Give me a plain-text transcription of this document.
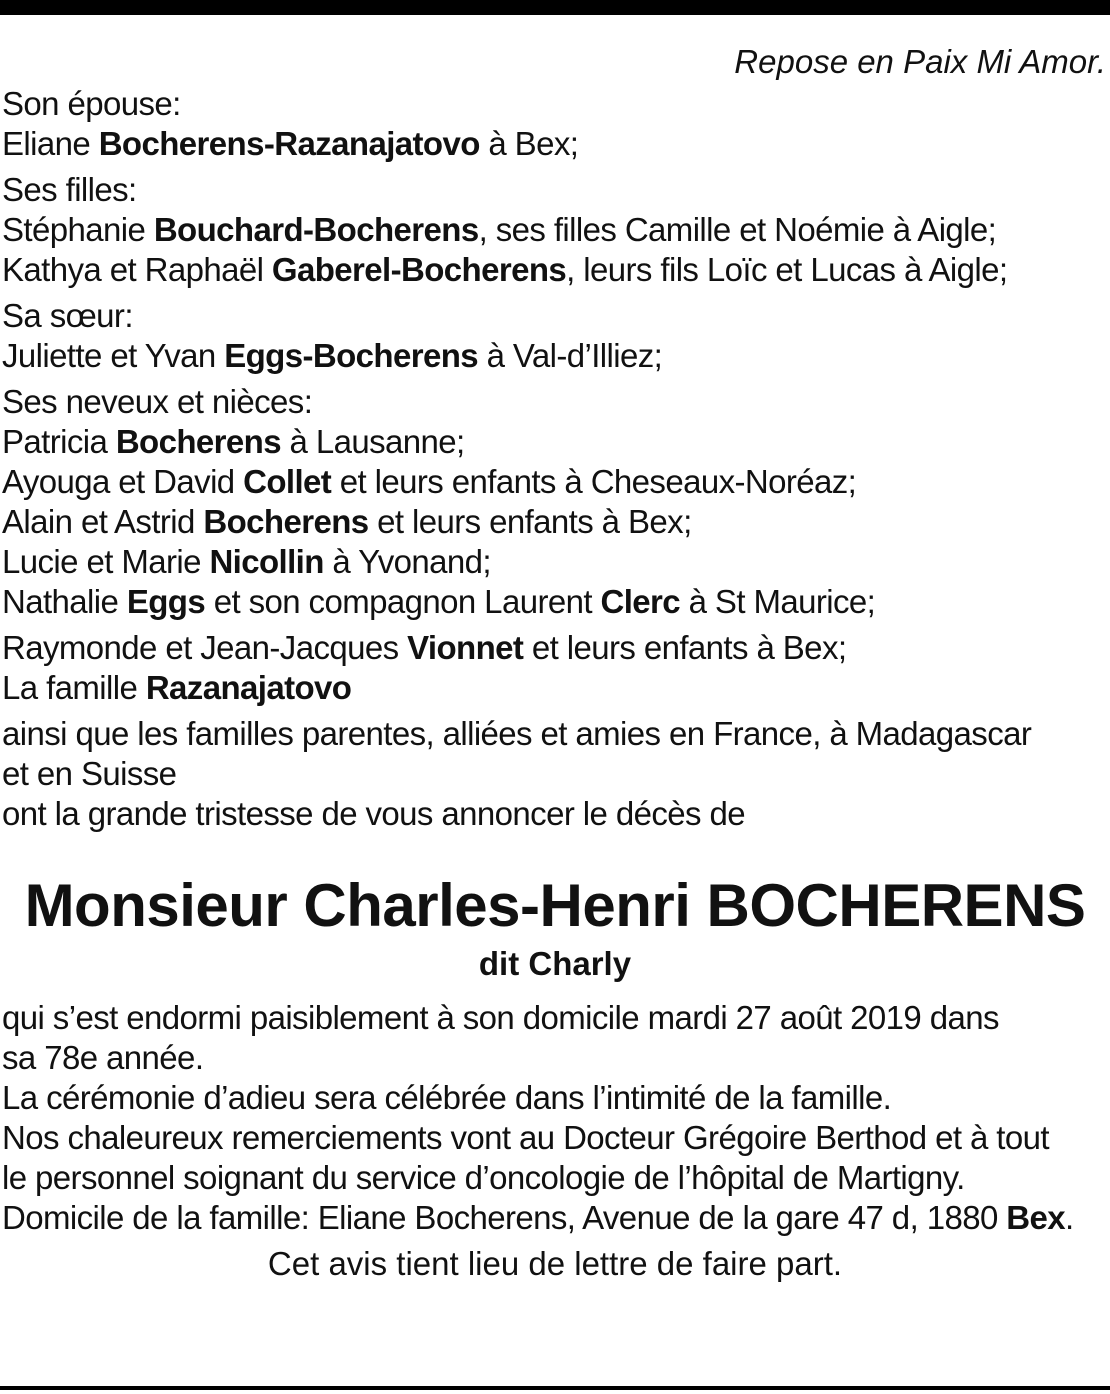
Repose en Paix Mi Amor.

Son épouse:

Eliane Bocherens-Razanajatovo à Bex;

Ses filles:

Stéphanie Bouchard-Bocherens, ses filles Camille et Noémie à Aigle;

Kathya et Raphaël Gaberel-Bocherens, leurs fils Loïc et Lucas à Aigle;

Sa sœur:

Juliette et Yvan Eggs-Bocherens à Val-d’Illiez;

Ses neveux et nièces:

Patricia Bocherens à Lausanne;

Ayouga et David Collet et leurs enfants à Cheseaux-Noréaz;

Alain et Astrid Bocherens et leurs enfants à Bex;

Lucie et Marie Nicollin à Yvonand;

Nathalie Eggs et son compagnon Laurent Clerc à St Maurice;

Raymonde et Jean-Jacques Vionnet et leurs enfants à Bex;

La famille Razanajatovo

ainsi que les familles parentes, alliées et amies en France, à Madagascar

et en Suisse

ont la grande tristesse de vous annoncer le décès de

Monsieur Charles-Henri BOCHERENS
dit Charly

qui s’est endormi paisiblement à son domicile mardi 27 août 2019 dans

sa 78e année.

La cérémonie d’adieu sera célébrée dans l’intimité de la famille.

Nos chaleureux remerciements vont au Docteur Grégoire Berthod et à tout

le personnel soignant du service d’oncologie de l’hôpital de Martigny.

Domicile de la famille: Eliane Bocherens, Avenue de la gare 47 d, 1880 Bex.

Cet avis tient lieu de lettre de faire part.
